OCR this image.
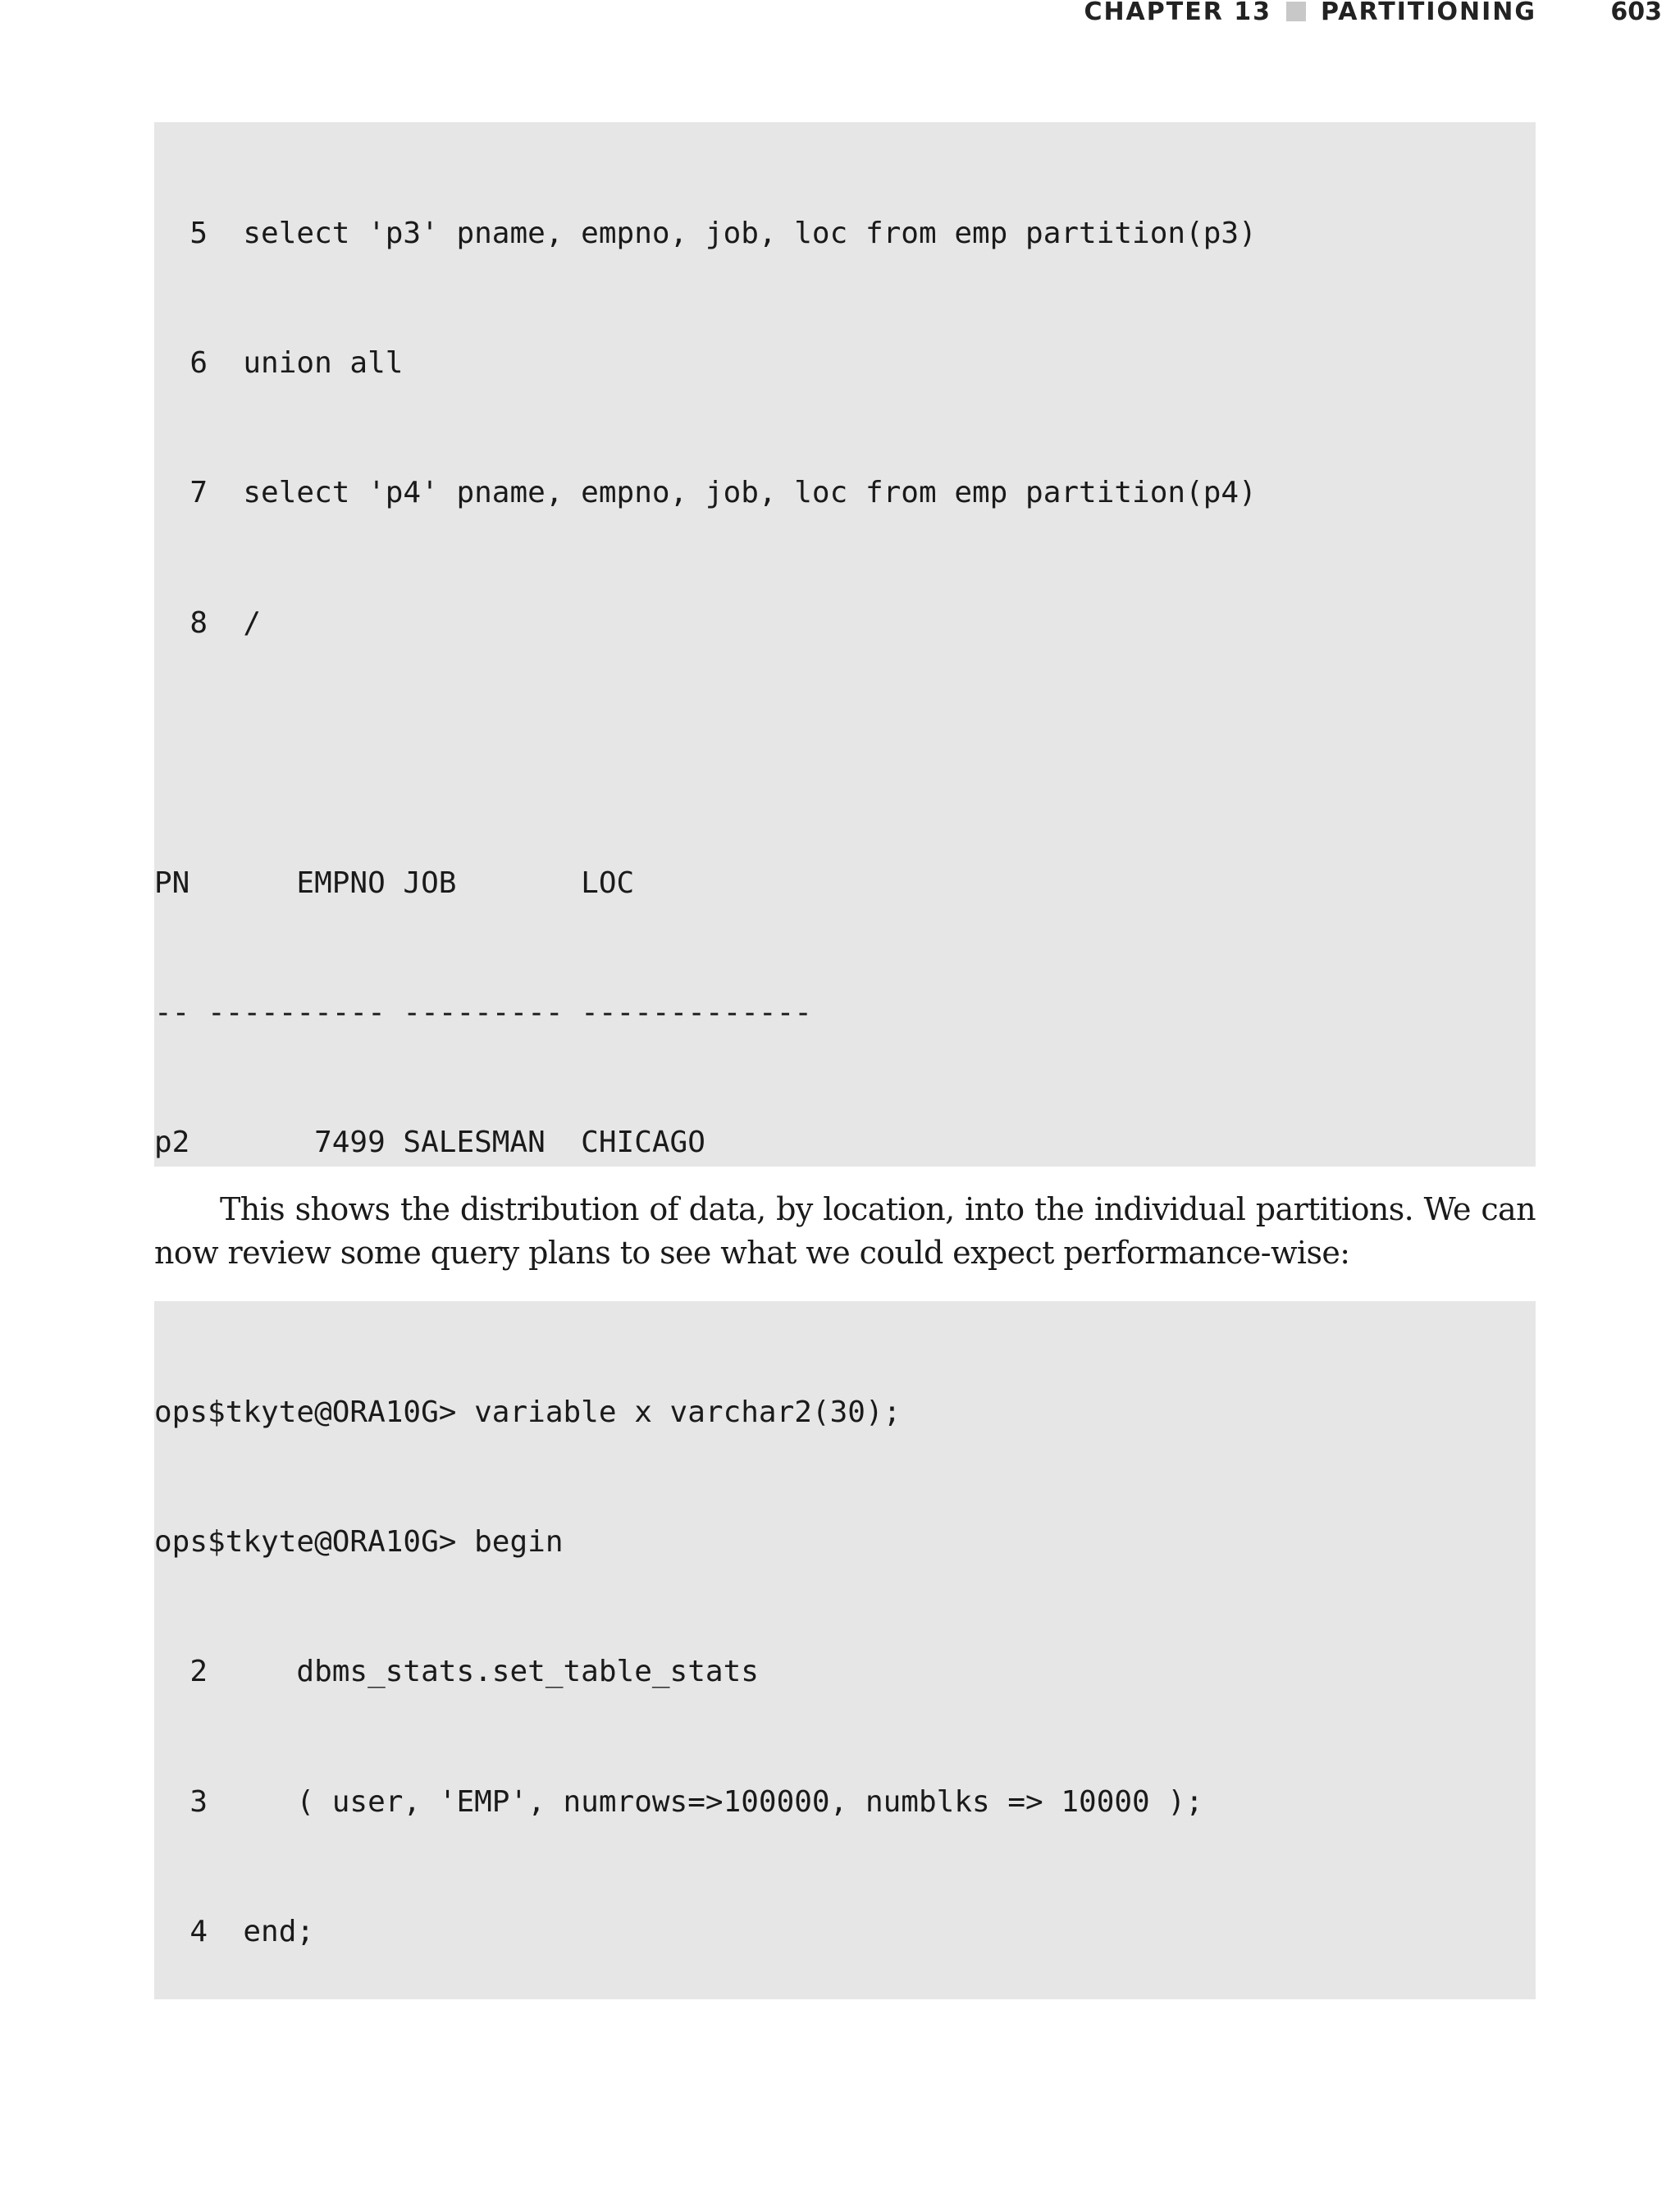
CHAPTER 13 PARTITIONING	603

5  select 'p3' pname, empno, job, loc from emp partition(p3)

6  union all

7  select 'p4' pname, empno, job, loc from emp partition(p4)

8  /

PN      EMPNO JOB       LOC

-- ---------- --------- -------------

p2       7499 SALESMAN  CHICAGO

This shows the distribution of data, by location, into the individual partitions. We can now review some query plans to see what we could expect performance-wise:

ops$tkyte@ORA10G> variable x varchar2(30);

ops$tkyte@ORA10G> begin

2     dbms_stats.set_table_stats

3     ( user, 'EMP', numrows=>100000, numblks => 10000 );

4  end;
